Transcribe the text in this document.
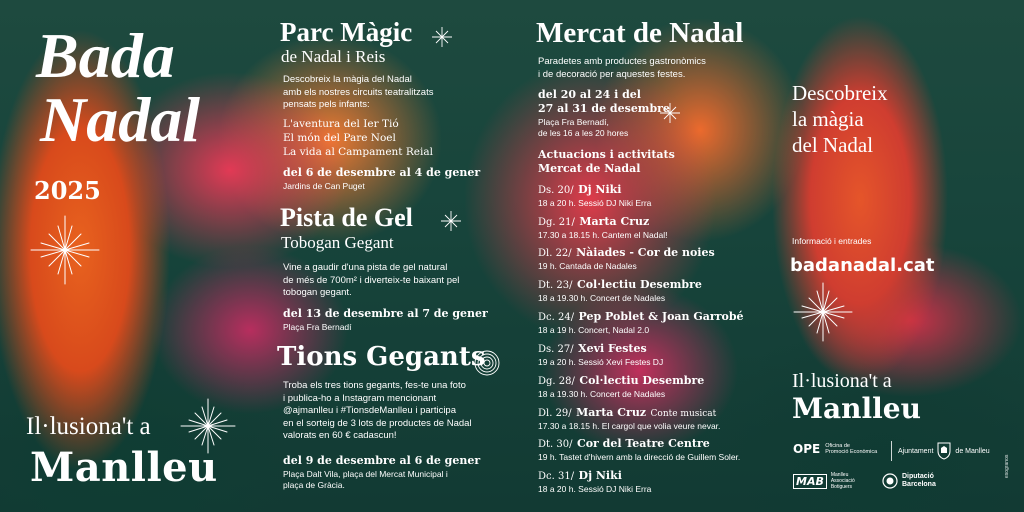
Bada
Nadal
2025
Il·lusiona't a
Manlleu
Parc Màgic
de Nadal i Reis
Descobreix la màgia del Nadal
amb els nostres circuits teatralitzats
pensats pels infants:
L'aventura del Ier Tió
El món del Pare Noel
La vida al Campament Reial
del 6 de desembre al 4 de gener
Jardins de Can Puget
Pista de Gel
Tobogan Gegant
Vine a gaudir d'una pista de gel natural
de més de 700m² i diverteix-te baixant pel
tobogan gegant.
del 13 de desembre al 7 de gener
Plaça Fra Bernadí
Tions Gegants
Troba els tres tions gegants, fes-te una foto
i publica-ho a Instagram mencionant
@ajmanlleu i #TionsdeManlleu i participa
en el sorteig de 3 lots de productes de Nadal
valorats en 60 € cadascun!
del 9 de desembre al 6 de gener
Plaça Dalt Vila, plaça del Mercat Municipal i
plaça de Gràcia.
Mercat de Nadal
Paradetes amb productes gastronòmics
i de decoració per aquestes festes.
del 20 al 24 i del
27 al 31 de desembre
Plaça Fra Bernadí,
de les 16 a les 20 hores
Actuacions i activitats
Mercat de Nadal
Ds. 20/ Dj Niki
18 a 20 h. Sessió DJ Niki Erra
Dg. 21/ Marta Cruz
17.30 a 18.15 h. Cantem el Nadal!
Dl. 22/ Nàiades - Cor de noies
19 h. Cantada de Nadales
Dt. 23/ Col·lectiu Desembre
18 a 19.30 h. Concert de Nadales
Dc. 24/ Pep Poblet & Joan Garrobé
18 a 19 h. Concert, Nadal 2.0
Ds. 27/ Xevi Festes
19 a 20 h. Sessió Xevi Festes DJ
Dg. 28/ Col·lectiu Desembre
18 a 19.30 h. Concert de Nadales
Dl. 29/ Marta Cruz Conte musicat
17.30 a 18.15 h. El cargol que volia veure nevar.
Dt. 30/ Cor del Teatre Centre
19 h. Tastet d'hivern amb la direcció de Guillem Soler.
Dc. 31/ Dj Niki
18 a 20 h. Sessió DJ Niki Erra
Descobreix
la màgia
del Nadal
Informació i entrades
badanadal.cat
Il·lusiona't a
Manlleu
OPE Oficina de
Promoció Econòmica	Ajuntament	de Manlleu
MAB	Manlleu
Associació
Botiguers
Diputació
Barcelona
esogranos
